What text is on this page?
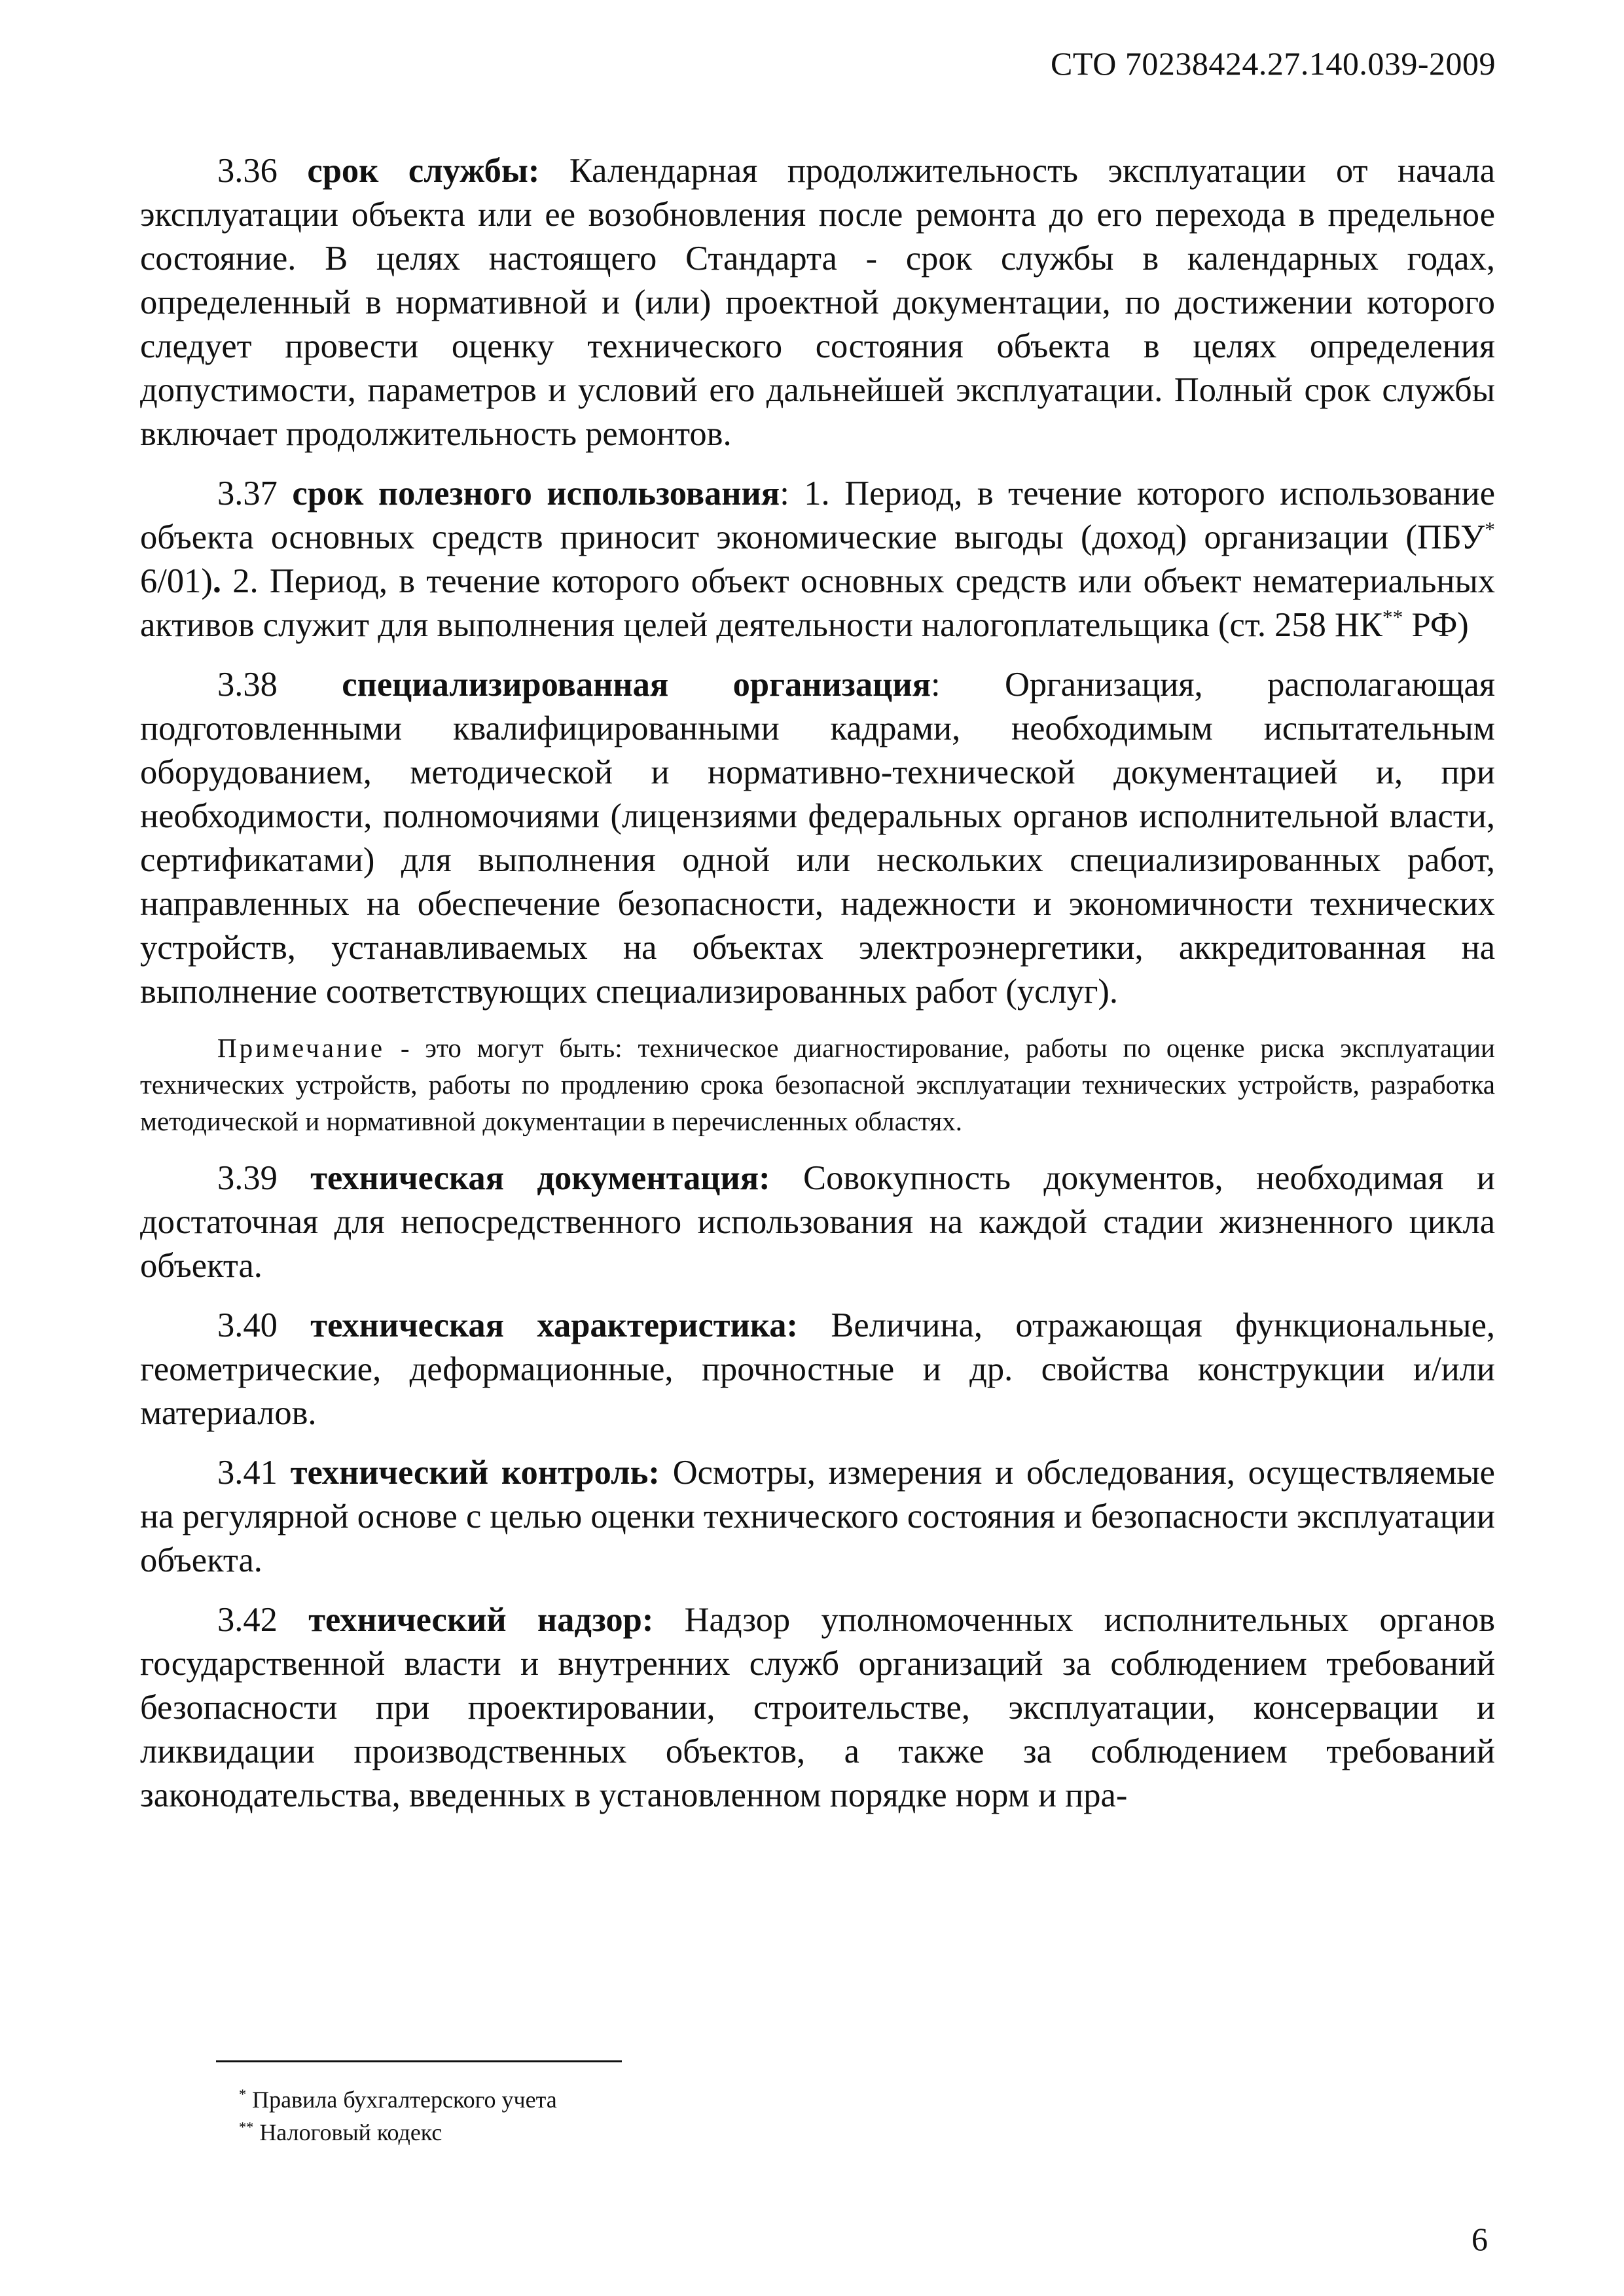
СТО 70238424.27.140.039-2009

3.36 срок службы: Календарная продолжительность эксплуатации от начала эксплуатации объекта или ее возобновления после ремонта до его перехода в предельное состояние. В целях настоящего Стандарта - срок службы в календарных годах, определенный в нормативной и (или) проектной документации, по достижении которого следует провести оценку технического состояния объекта в целях определения допустимости, параметров и условий его дальнейшей эксплуатации. Полный срок службы включает продолжительность ремонтов.

3.37 срок полезного использования: 1. Период, в течение которого использование объекта основных средств приносит экономические выгоды (доход) организации (ПБУ* 6/01). 2. Период, в течение которого объект основных средств или объект нематериальных активов служит для выполнения целей деятельности налогоплательщика (ст. 258 НК** РФ)

3.38 специализированная организация: Организация, располагающая подготовленными квалифицированными кадрами, необходимым испытательным оборудованием, методической и нормативно-технической документацией и, при необходимости, полномочиями (лицензиями федеральных органов исполнительной власти, сертификатами) для выполнения одной или нескольких специализированных работ, направленных на обеспечение безопасности, надежности и экономичности технических устройств, устанавливаемых на объектах электроэнергетики, аккредитованная на выполнение соответствующих специализированных работ (услуг).

Примечание - это могут быть: техническое диагностирование, работы по оценке риска эксплуатации технических устройств, работы по продлению срока безопасной эксплуатации технических устройств, разработка методической и нормативной документации в перечисленных областях.

3.39 техническая документация: Совокупность документов, необходимая и достаточная для непосредственного использования на каждой стадии жизненного цикла объекта.

3.40 техническая характеристика: Величина, отражающая функциональные, геометрические, деформационные, прочностные и др. свойства конструкции и/или материалов.

3.41 технический контроль: Осмотры, измерения и обследования, осуществляемые на регулярной основе с целью оценки технического состояния и безопасности эксплуатации объекта.

3.42 технический надзор: Надзор уполномоченных исполнительных органов государственной власти и внутренних служб организаций за соблюдением требований безопасности при проектировании, строительстве, эксплуатации, консервации и ликвидации производственных объектов, а также за соблюдением требований законодательства, введенных в установленном порядке норм и пра-

* Правила бухгалтерского учета
** Налоговый кодекс
6
